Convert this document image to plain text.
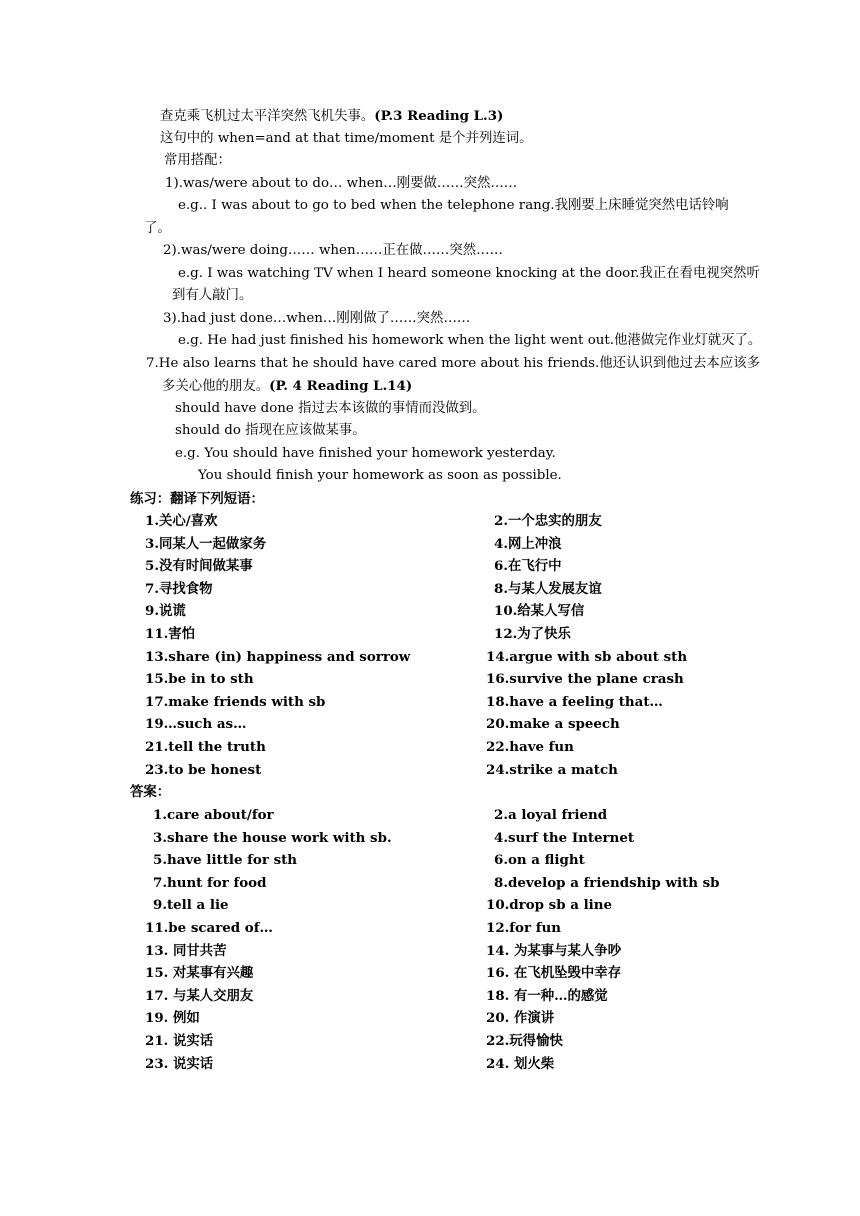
查克乘飞机过太平洋突然飞机失事。(P.3 Reading L.3)
这句中的 when=and at that time/moment 是个并列连词。
常用搭配：
1).was/were about to do… when…刚要做……突然……
e.g.. I was about to go to bed when the telephone rang.我刚要上床睡觉突然电话铃响
了。
2).was/were doing…… when……正在做……突然……
e.g. I was watching TV when I heard someone knocking at the door.我正在看电视突然听
到有人敲门。
3).had just done…when…刚刚做了……突然……
e.g. He had just finished his homework when the light went out.他港做完作业灯就灭了。
7.He also learns that he should have cared more about his friends.他还认识到他过去本应该多
多关心他的朋友。(P. 4 Reading L.14)
should have done 指过去本该做的事情而没做到。
should do 指现在应该做某事。
e.g. You should have finished your homework yesterday.
You should finish your homework as soon as possible.
练习：翻译下列短语：
1.关心/喜欢	2.一个忠实的朋友
3.同某人一起做家务	4.网上冲浪
5.没有时间做某事	6.在飞行中
7.寻找食物	8.与某人发展友谊
9.说谎	10.给某人写信
11.害怕	12.为了快乐
13.share (in) happiness and sorrow	14.argue with sb about sth
15.be in to sth	16.survive the plane crash
17.make friends with sb	18.have a feeling that…
19…such as…	20.make a speech
21.tell the truth	22.have fun
23.to be honest	24.strike a match
答案：
1.care about/for	2.a loyal friend
3.share the house work with sb.	4.surf the Internet
5.have little for sth	6.on a flight
7.hunt for food	8.develop a friendship with sb
9.tell a lie	10.drop sb a line
11.be scared of…	12.for fun
13. 同甘共苦	14. 为某事与某人争吵
15. 对某事有兴趣	16. 在飞机坠毁中幸存
17. 与某人交朋友	18. 有一种…的感觉
19. 例如	20. 作演讲
21. 说实话	22.玩得愉快
23. 说实话	24. 划火柴
